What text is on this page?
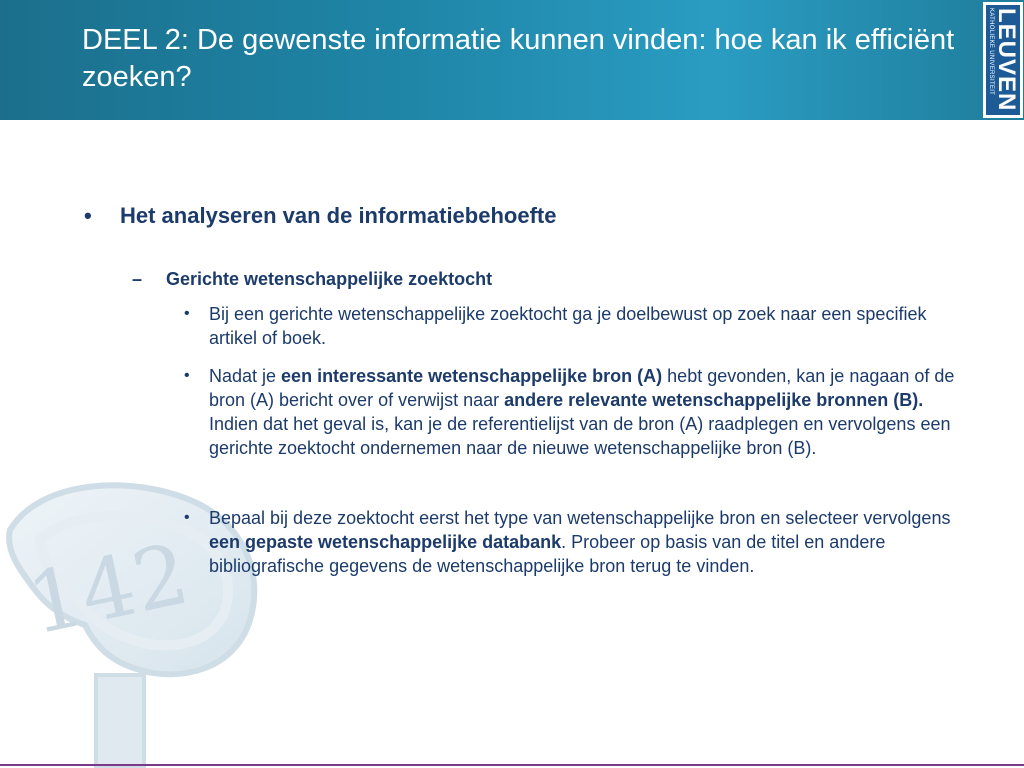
DEEL 2: De gewenste informatie kunnen vinden: hoe kan ik efficiënt zoeken?	LEUVEN
KATHOLIEKE UNIVERSITEIT
142
• Het analyseren van de informatiebehoefte
– Gerichte wetenschappelijke zoektocht
• Bij een gerichte wetenschappelijke zoektocht ga je doelbewust op zoek naar een specifiek artikel of boek.
• Nadat je een interessante wetenschappelijke bron (A) hebt gevonden, kan je nagaan of de bron (A) bericht over of verwijst naar andere relevante wetenschappelijke bronnen (B). Indien dat het geval is, kan je de referentielijst van de bron (A) raadplegen en vervolgens een gerichte zoektocht ondernemen naar de nieuwe wetenschappelijke bron (B).
• Bepaal bij deze zoektocht eerst het type van wetenschappelijke bron en selecteer vervolgens een gepaste wetenschappelijke databank. Probeer op basis van de titel en andere bibliografische gegevens de wetenschappelijke bron terug te vinden.
